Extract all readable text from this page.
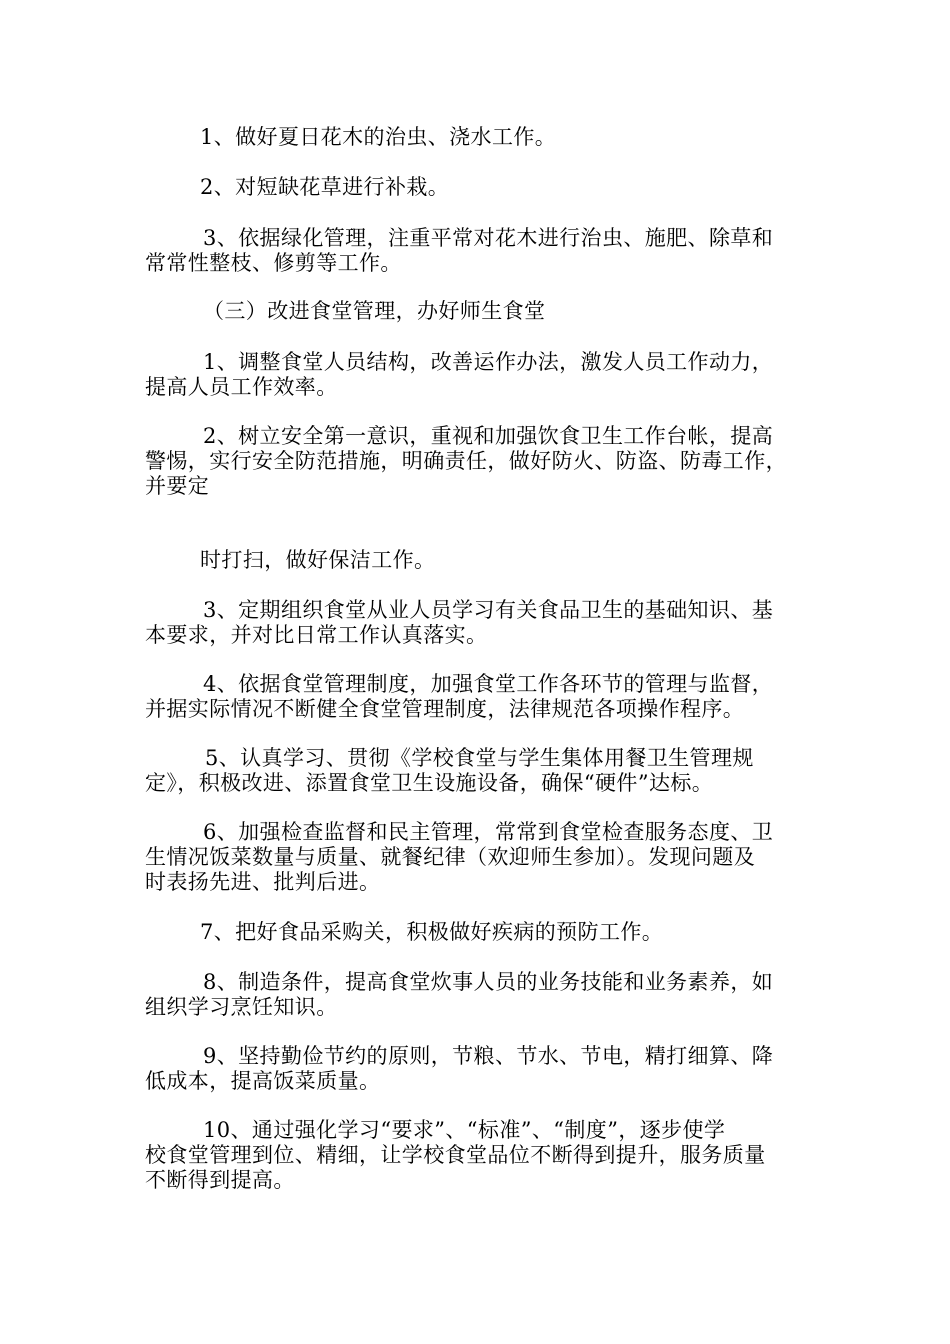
1、做好夏日花木的治虫、浇水工作。
2、对短缺花草进行补栽。
3、依据绿化管理，注重平常对花木进行治虫、施肥、除草和
常常性整枝、修剪等工作。
（三）改进食堂管理，办好师生食堂
1、调整食堂人员结构，改善运作办法，激发人员工作动力，
提高人员工作效率。
2、树立安全第一意识，重视和加强饮食卫生工作台帐，提高
警惕，实行安全防范措施，明确责任，做好防火、防盗、防毒工作，
并要定
时打扫，做好保洁工作。
3、定期组织食堂从业人员学习有关食品卫生的基础知识、基
本要求，并对比日常工作认真落实。
4、依据食堂管理制度，加强食堂工作各环节的管理与监督，
并据实际情况不断健全食堂管理制度，法律规范各项操作程序。
5、认真学习、贯彻《学校食堂与学生集体用餐卫生管理规
定》，积极改进、添置食堂卫生设施设备，确保“硬件”达标。
6、加强检查监督和民主管理，常常到食堂检查服务态度、卫
生情况饭菜数量与质量、就餐纪律（欢迎师生参加）。发现问题及
时表扬先进、批判后进。
7、把好食品采购关，积极做好疾病的预防工作。
8、制造条件，提高食堂炊事人员的业务技能和业务素养，如
组织学习烹饪知识。
9、坚持勤俭节约的原则，节粮、节水、节电，精打细算、降
低成本，提高饭菜质量。
10、通过强化学习“要求”、“标准”、“制度”，逐步使学
校食堂管理到位、精细，让学校食堂品位不断得到提升，服务质量
不断得到提高。
